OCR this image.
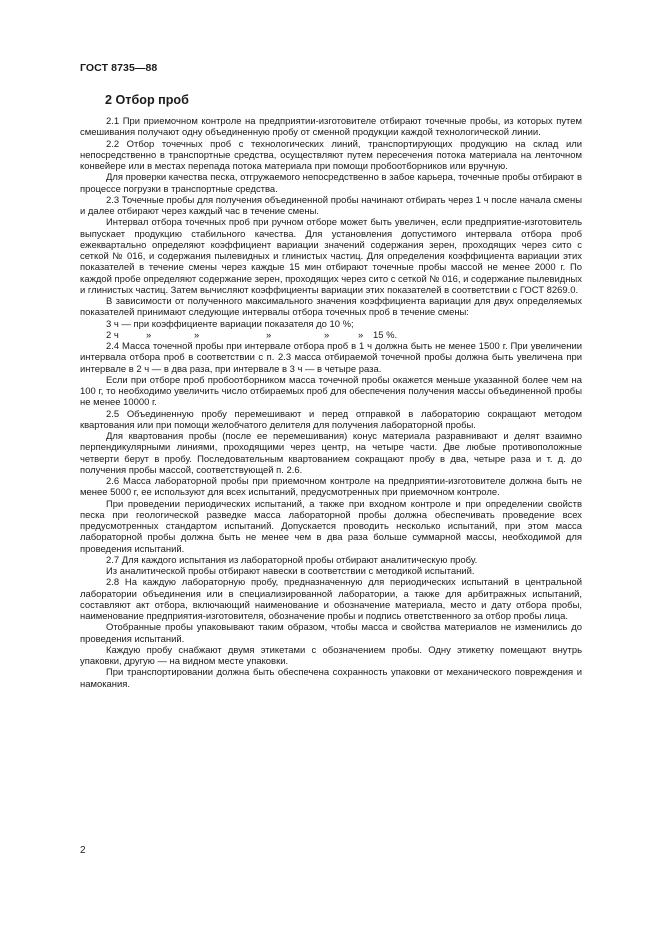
ГОСТ 8735—88
2 Отбор проб

2.1 При приемочном контроле на предприятии-изготовителе отбирают точечные пробы, из которых путем смешивания получают одну объединенную пробу от сменной продукции каждой технологической линии.

2.2 Отбор точечных проб с технологических линий, транспортирующих продукцию на склад или непосредственно в транспортные средства, осуществляют путем пересечения потока материала на ленточном конвейере или в местах перепада потока материала при помощи пробоотборников или вручную.

Для проверки качества песка, отгружаемого непосредственно в забое карьера, точечные пробы отбирают в процессе погрузки в транспортные средства.

2.3 Точечные пробы для получения объединенной пробы начинают отбирать через 1 ч после начала смены и далее отбирают через каждый час в течение смены.

Интервал отбора точечных проб при ручном отборе может быть увеличен, если предприятие-изготовитель выпускает продукцию стабильного качества. Для установления допустимого интервала отбора проб ежеквартально определяют коэффициент вариации значений содержания зерен, проходящих через сито с сеткой № 016, и содержания пылевидных и глинистых частиц. Для определения коэффициента вариации этих показателей в течение смены через каждые 15 мин отбирают точечные пробы массой не менее 2000 г. По каждой пробе определяют содержание зерен, проходящих через сито с сеткой № 016, и содержание пылевидных и глинистых частиц. Затем вычисляют коэффициенты вариации этих показателей в соответствии с ГОСТ 8269.0.

В зависимости от полученного максимального значения коэффициента вариации для двух определяемых показателей принимают следующие интервалы отбора точечных проб в течение смены:

3 ч — при коэффициенте вариации показателя до 10 %;
2 ч	»	»	»	»	»	15 %.

2.4 Масса точечной пробы при интервале отбора проб в 1 ч должна быть не менее 1500 г. При увеличении интервала отбора проб в соответствии с п. 2.3 масса отбираемой точечной пробы должна быть увеличена при интервале в 2 ч — в два раза, при интервале в 3 ч — в четыре раза.

Если при отборе проб пробоотборником масса точечной пробы окажется меньше указанной более чем на 100 г, то необходимо увеличить число отбираемых проб для обеспечения получения массы объединенной пробы не менее 10000 г.

2.5 Объединенную пробу перемешивают и перед отправкой в лабораторию сокращают методом квартования или при помощи желобчатого делителя для получения лабораторной пробы.

Для квартования пробы (после ее перемешивания) конус материала разравнивают и делят взаимно перпендикулярными линиями, проходящими через центр, на четыре части. Две любые противоположные четверти берут в пробу. Последовательным квартованием сокращают пробу в два, четыре раза и т. д. до получения пробы массой, соответствующей п. 2.6.

2.6 Масса лабораторной пробы при приемочном контроле на предприятии-изготовителе должна быть не менее 5000 г, ее используют для всех испытаний, предусмотренных при приемочном контроле.

При проведении периодических испытаний, а также при входном контроле и при определении свойств песка при геологической разведке масса лабораторной пробы должна обеспечивать проведение всех предусмотренных стандартом испытаний. Допускается проводить несколько испытаний, при этом масса лабораторной пробы должна быть не менее чем в два раза больше суммарной массы, необходимой для проведения испытаний.

2.7 Для каждого испытания из лабораторной пробы отбирают аналитическую пробу.

Из аналитической пробы отбирают навески в соответствии с методикой испытаний.

2.8 На каждую лабораторную пробу, предназначенную для периодических испытаний в центральной лаборатории объединения или в специализированной лаборатории, а также для арбитражных испытаний, составляют акт отбора, включающий наименование и обозначение материала, место и дату отбора пробы, наименование предприятия-изготовителя, обозначение пробы и подпись ответственного за отбор пробы лица.

Отобранные пробы упаковывают таким образом, чтобы масса и свойства материалов не изменились до проведения испытаний.

Каждую пробу снабжают двумя этикетами с обозначением пробы. Одну этикетку помещают внутрь упаковки, другую — на видном месте упаковки.

При транспортировании должна быть обеспечена сохранность упаковки от механического повреждения и намокания.

2
